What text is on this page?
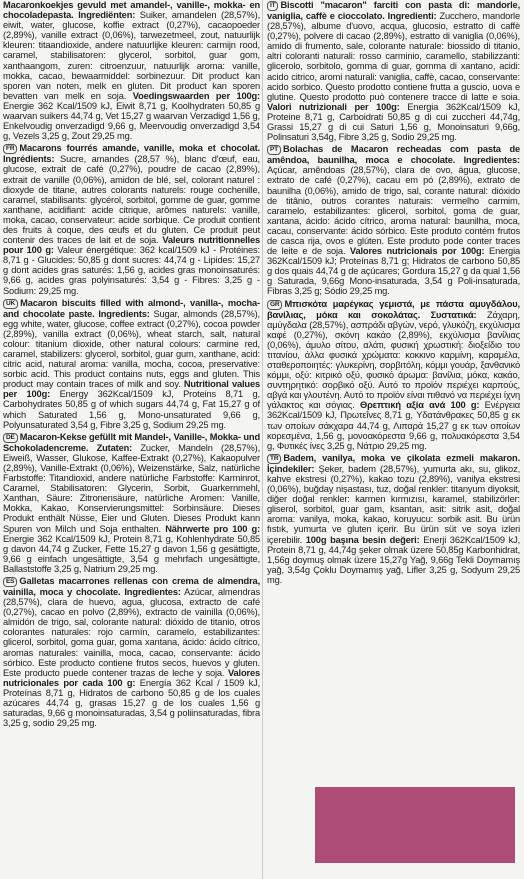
Macaronkoekjes gevuld met amandel-, vanille-, mokka- en chocoladepasta. Ingrediënten: Suiker, amandelen (28,57%), eiwit, water, glucose, koffie extract (0,27%), cacaopoeder (2,89%), vanille extract (0,06%), tarwezetmeel, zout, natuurlijk kleuren: titaandioxide, andere natuurlijke kleuren: carmijn rood, caramel, stabilisatoren: glycerol, sorbitol, guar gom, xanthaangom, zuren: citroenzuur, natuurlijk aroma: vanille, mokka, cacao, bewaarmiddel: sorbinezuur. Dit product kan sporen van noten, melk en gluten. Dit product kan sporen bevatten van melk en soja. Voedingswaarden per 100g: Energie 362 Kcal/1509 kJ, Eiwit 8,71 g, Koolhydraten 50,85 g waarvan suikers 44,74 g, Vet 15,27 g waarvan Verzadigd 1,56 g, Enkelvoudig onverzadigd 9,66 g, Meervoudig onverzadigd 3,54 g, Vezels 3,25 g, Zout 29,25 mg.

FR Macarons fourrés amande, vanille, moka et chocolat. Ingrédients: Sucre, amandes (28,57 %), blanc d'œuf, eau, glucose, extrait de café (0,27%), poudre de cacao (2,89%), extrait de vanille (0,06%), amidon de blé, sel, colorant naturel : dioxyde de titane, autres colorants naturels: rouge cochenille, caramel, stabilisants: glycérol, sorbitol, gomme de guar, gomme xanthane, acidifiant: acide citrique, arômes naturels: vanille, moka, cacao, conservateur: acide sorbique. Ce produit contient des fruits à coque, des œufs et du gluten. Ce produit peut contenir des traces de lait et de soja. Valeurs nutritionnelles pour 100 g: Valeur énergétique: 362 kcal/1509 kJ - Protéines: 8,71 g - Glucides: 50,85 g dont sucres: 44,74 g - Lipides: 15,27 g dont acides gras saturés: 1,56 g, acides gras monoinsaturés: 9,66 g, acides gras polyinsaturés: 3,54 g - Fibres: 3,25 g - Sodium: 29,25 mg.

UK Macaron biscuits filled with almond-, vanilla-, mocha- and chocolate paste. Ingredients: Sugar, almonds (28,57%), egg white, water, glucose, coffee extract (0,27%), cocoa powder (2,89%), vanilla extract (0,06%), wheat starch, salt, natural colour: titanium dioxide, other natural colours: carmine red, caramel, stabilizers: glycerol, sorbitol, guar gum, xanthane, acid: citric acid, natural aroma: vanilla, mocha, cocoa, preservative: sorbic acid. This product contains nuts, eggs and gluten. This product may contain traces of milk and soy. Nutritional values per 100g: Energy 362Kcal/1509 kJ, Proteins 8,71 g, Carbohydrates 50,85 g of which sugars 44,74 g, Fat 15,27 g of which Saturated 1,56 g, Mono-unsaturated 9,66 g, Polyunsaturated 3,54 g, Fibre 3,25 g, Sodium 29,25 mg.

DE Macaron-Kekse gefüllt mit Mandel-, Vanille-, Mokka- und Schokoladencreme. Zutaten: Zucker, Mandeln (28,57%), Eiweiß, Wasser, Glukose, Kaffee-Extrakt (0,27%), Kakaopulver (2,89%), Vanille-Extrakt (0,06%), Weizenstärke, Salz, natürliche Farbstoffe: Titandioxid, andere natürliche Farbstoffe: Karminrot, Caramel, Stabilisatoren: Glycerin, Sorbit, Guarkernmehl, Xanthan, Säure: Zitronensäure, natürliche Aromen: Vanille, Mokka, Kakao, Konservierungsmittel: Sorbinsäure. Dieses Produkt enthält Nüsse, Eier und Gluten. Dieses Produkt kann Spuren von Milch und Soja enthalten. Nährwerte pro 100 g: Energie 362 Kcal/1509 kJ, Protein 8,71 g, Kohlenhydrate 50,85 g davon 44,74 g Zucker, Fette 15,27 g davon 1,56 g gesättigte, 9,66 g einfach ungesättigte, 3,54 g mehrfach ungesättigte, Ballaststoffe 3,25 g, Natrium 29,25 mg.

ES Galletas macarrones rellenas con crema de almendra, vainilla, moca y chocolate. Ingredientes: Azúcar, almendras (28,57%), clara de huevo, agua, glucosa, extracto de café (0,27%), cacao en polvo (2,89%), extracto de vainilla (0,06%), almidón de trigo, sal, colorante natural: dióxido de titanio, otros colorantes naturales: rojo carmín, caramelo, estabilizantes: glicerol, sorbitol, goma guar, goma xantana, ácido: ácido cítrico, aromas naturales: vainilla, moca, cacao, conservante: ácido sórbico. Este producto contiene frutos secos, huevos y gluten. Este producto puede contener trazas de leche y soja. Valores nutricionales por cada 100 g: Energía 362 Kcal / 1509 kJ, Proteínas 8,71 g, Hidratos de carbono 50,85 g de los cuales azúcares 44,74 g, grasas 15,27 g de los cuales 1,56 g saturadas, 9,66 g monoinsaturadas, 3,54 g poliinsaturadas, fibra 3,25 g, sodio 29,25 mg.

IT Biscotti "macaron" farciti con pasta di: mandorle, vaniglia, caffè e cioccolato. Ingredienti: Zucchero, mandorle (28,57%), albume d'uovo, acqua, glucosio, estratto di caffè (0,27%), polvere di cacao (2,89%), estratto di vaniglia (0,06%), amido di frumento, sale, colorante naturale: biossido di titanio, altri coloranti naturali: rosso carminio, caramello, stabilizzanti: glicerolo, sorbitolo, gomma di guar, gomma di xantano, acidi: acido citrico, aromi naturali: vaniglia, caffè, cacao, conservante: acido sorbico. Questo prodotto contiene frutta a guscio, uova e glutine. Questo prodotto può contenere tracce di latte e soia. Valori nutrizionali per 100g: Energia 362Kcal/1509 kJ, Proteine 8,71 g, Carboidrati 50,85 g di cui zuccheri 44,74g, Grassi 15,27 g di cui Saturi 1,56 g, Monoinsaturi 9,66g, Polinsaturi 3,54g, Fibre 3,25 g, Sodio 29,25 mg.

PT Bolachas de Macaron recheadas com pasta de amêndoa, baunilha, moca e chocolate. Ingredientes: Açúcar, amêndoas (28,57%), clara de ovo, água, glucose, extrato de café (0,27%), cacau em pó (2,89%), extrato de baunilha (0,06%), amido de trigo, sal, corante natural: dióxido de titânio, outros corantes naturais: vermelho carmim, caramelo, estabilizantes: glicerol, sorbitol, goma de guar, xantana, ácido: ácido cítrico, aroma natural: baunilha, moca, cacau, conservante: ácido sórbico. Este produto contém frutos de casca rija, ovos e glúten. Este produto pode conter traces de leite e de soja. Valores nutricionais por 100g: Energia 362Kcal/1509 kJ; Proteínas 8,71 g; Hidratos de carbono 50,85 g dos quais 44,74 g de açúcares; Gordura 15,27 g da qual 1,56 g Saturada, 9,66g Mono-insaturada, 3,54 g Poli-insaturada, Fibras 3,25 g; Sódio 29,25 mg.

GR Μπισκότα μαρέγκας γεμιστά, με πάστα αμυγδάλου, βανίλιας, μόκα και σοκολάτας. Συστατικά: Ζάχαρη, αμύγδαλα (28,57%), ασπράδι αβγών, νερό, γλυκόζη, εκχύλισμα καφέ (0,27%), σκόνη κακάο (2,89%), εκχύλισμα βανίλιας (0,06%), άμυλο σίτου, αλάτι, φυσική χρωστική: διοξείδιο του τιτανίου, άλλα φυσικά χρώματα: κοκκινο καρμίνη, καραμέλα, σταθεροποιητές: γλυκερίνη, σορβιτόλη, κόμμι γουάρ, ξανθανικό κόμμι, οξύ: κιτρικό οξύ, φυσικό άρωμα: βανίλια, μόκα, κακάο, συντηρητικό: σορβικό οξύ. Αυτό το προϊόν περιέχει καρπούς, αβγά και γλουτένη. Αυτό το προϊόν είναι πιθανό να περιέχει ίχνη γάλακτος και σόγιας. Θρεπτική αξία ανά 100 g: Ενέργεια 362Kcal/1509 kJ, Πρωτεΐνες 8,71 g, Υδατάνθρακες 50,85 g εκ των οποίων σάκχαρα 44,74 g, Λιπαρά 15,27 g εκ των οποίων κορεσμένα, 1,56 g, μονοακόρεστα 9,66 g, πολυακόρεστα 3,54 g, Φυτικές ίνες 3,25 g, Νάτριο 29,25 mg.

TR Badem, vanilya, moka ve çikolata ezmeli makaron. İçindekiler: Şeker, badem (28,57%), yumurta akı, su, glikoz, kahve ekstresi (0,27%), kakao tozu (2,89%), vanilya ekstresi (0,06%), buğday nişastası, tuz, doğal renkler: titanyum diyoksit, diğer doğal renkler: karmen kırmızısı, karamel, stabilizörler: gliserol, sorbitol, guar gam, ksantan, asit: sitrik asit, doğal aroma: vanilya, moka, kakao, koruyucu: sorbik asit. Bu ürün fıstık, yumurta ve gluten içerir. Bu ürün süt ve soya izleri içerebilir. 100g başına besin değeri: Enerji 362Kcal/1509 kJ, Protein 8,71 g, 44,74g şeker olmak üzere 50,85g Karbonhidrat, 1,56g doymuş olmak üzere 15,27g Yağ, 9,66g Tekli Doymamış yağ, 3,54g Çoklu Doymamış yağ, Lifler 3,25 g, Sodyum 29,25 mg.
